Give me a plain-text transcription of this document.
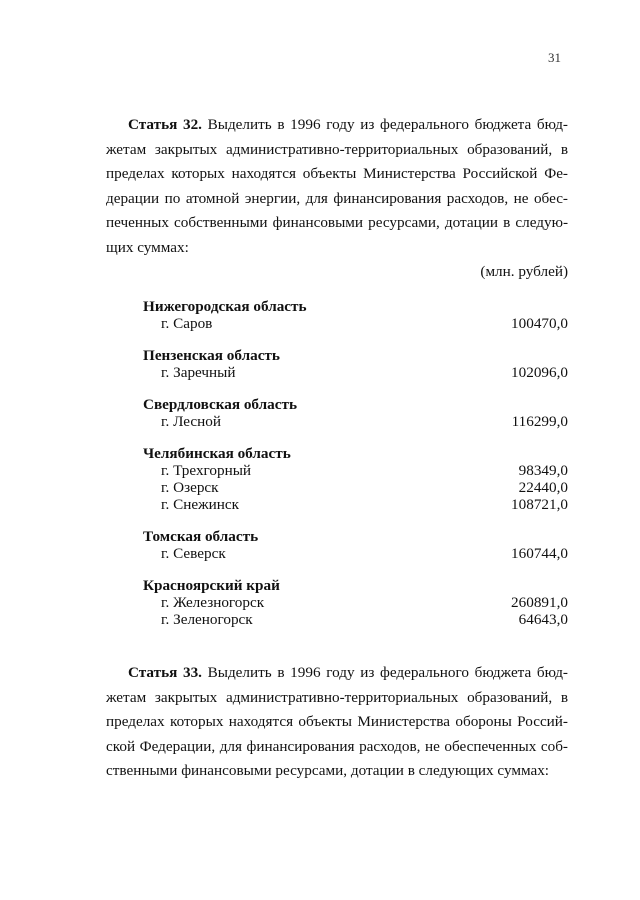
31
Статья 32. Выделить в 1996 году из федерального бюджета бюд-
жетам закрытых административно-территориальных образований, в
пределах которых находятся объекты Министерства Российской Фе-
дерации по атомной энергии, для финансирования расходов, не обес-
печенных собственными финансовыми ресурсами, дотации в следую-
щих суммах:
(млн. рублей)
Нижегородская область
г. Саров	100470,0
Пензенская область
г. Заречный	102096,0
Свердловская область
г. Лесной	116299,0
Челябинская область
г. Трехгорный	98349,0
г. Озерск	22440,0
г. Снежинск	108721,0
Томская область
г. Северск	160744,0
Красноярский край
г. Железногорск	260891,0
г. Зеленогорск	64643,0
Статья 33. Выделить в 1996 году из федерального бюджета бюд-
жетам закрытых административно-территориальных образований, в
пределах которых находятся объекты Министерства обороны Россий-
ской Федерации, для финансирования расходов, не обеспеченных соб-
ственными финансовыми ресурсами, дотации в следующих суммах:
